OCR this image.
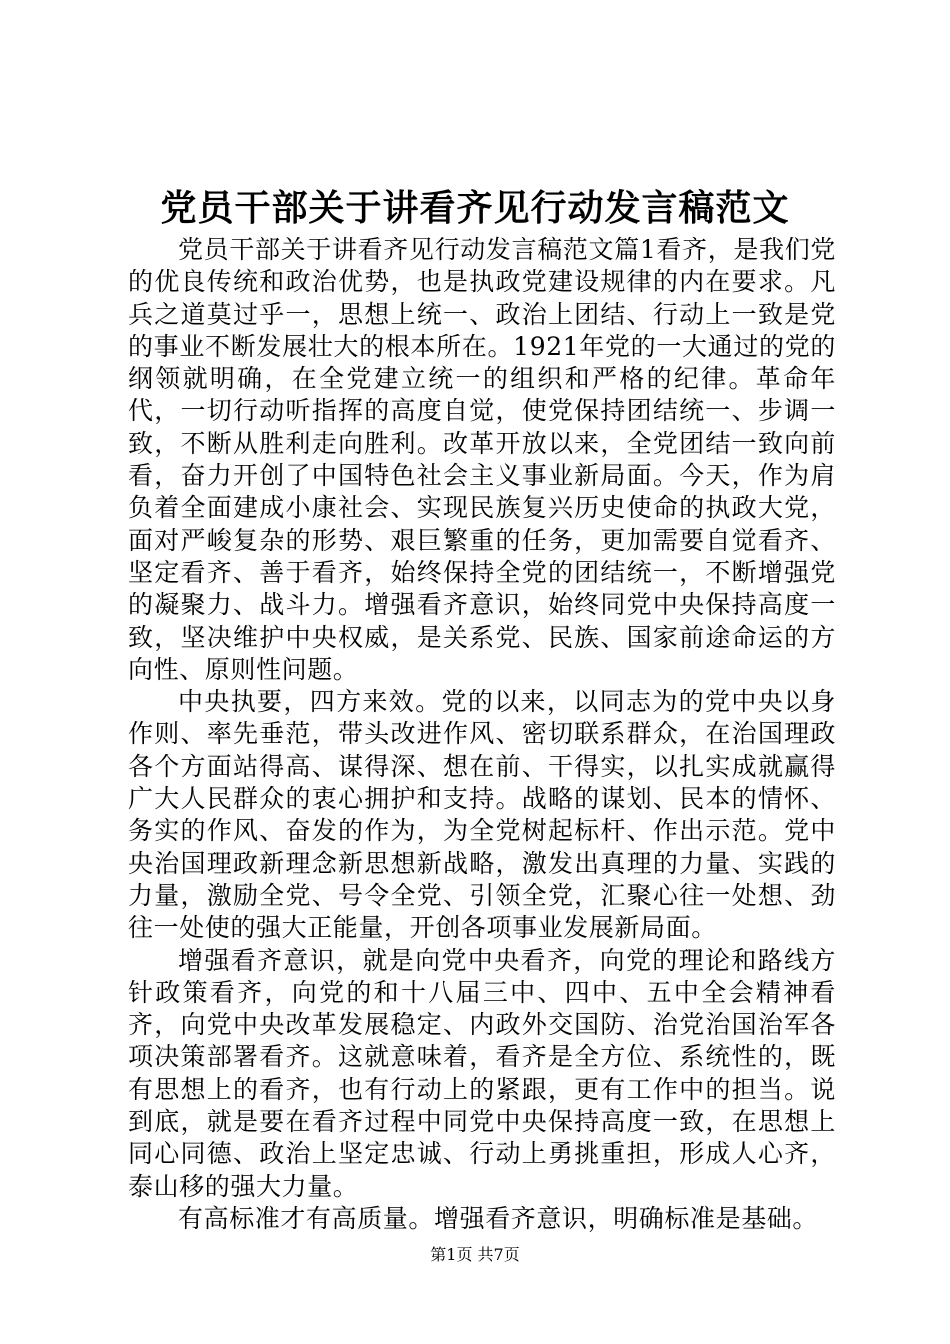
党员干部关于讲看齐见行动发言稿范文

党员干部关于讲看齐见行动发言稿范文篇1看齐，是我们党的优良传统和政治优势，也是执政党建设规律的内在要求。凡兵之道莫过乎一，思想上统一、政治上团结、行动上一致是党的事业不断发展壮大的根本所在。1921年党的一大通过的党的纲领就明确，在全党建立统一的组织和严格的纪律。革命年代，一切行动听指挥的高度自觉，使党保持团结统一、步调一致，不断从胜利走向胜利。改革开放以来，全党团结一致向前看，奋力开创了中国特色社会主义事业新局面。今天，作为肩负着全面建成小康社会、实现民族复兴历史使命的执政大党，面对严峻复杂的形势、艰巨繁重的任务，更加需要自觉看齐、坚定看齐、善于看齐，始终保持全党的团结统一，不断增强党的凝聚力、战斗力。增强看齐意识，始终同党中央保持高度一致，坚决维护中央权威，是关系党、民族、国家前途命运的方向性、原则性问题。

中央执要，四方来效。党的以来，以同志为的党中央以身作则、率先垂范，带头改进作风、密切联系群众，在治国理政各个方面站得高、谋得深、想在前、干得实，以扎实成就赢得广大人民群众的衷心拥护和支持。战略的谋划、民本的情怀、务实的作风、奋发的作为，为全党树起标杆、作出示范。党中央治国理政新理念新思想新战略，激发出真理的力量、实践的力量，激励全党、号令全党、引领全党，汇聚心往一处想、劲往一处使的强大正能量，开创各项事业发展新局面。

增强看齐意识，就是向党中央看齐，向党的理论和路线方针政策看齐，向党的和十八届三中、四中、五中全会精神看齐，向党中央改革发展稳定、内政外交国防、治党治国治军各项决策部署看齐。这就意味着，看齐是全方位、系统性的，既有思想上的看齐，也有行动上的紧跟，更有工作中的担当。说到底，就是要在看齐过程中同党中央保持高度一致，在思想上同心同德、政治上坚定忠诚、行动上勇挑重担，形成人心齐，泰山移的强大力量。

有高标准才有高质量。增强看齐意识，明确标准是基础。

第1页 共7页
